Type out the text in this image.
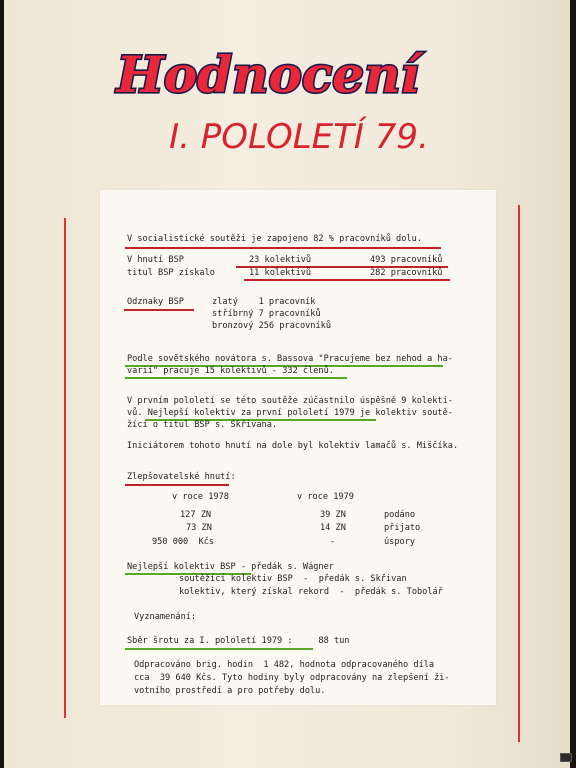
Hodnocení
I. POLOLETÍ 79.
V socialistické soutěži je zapojeno 82 % pracovníků dolu.
V hnutí BSP	23 kolektivů	493 pracovníků
titul BSP získalo	11 kolektivů	282 pracovníků
Odznaky BSP	zlatý    1 pracovník
stříbrný 7 pracovníků
bronzový 256 pracovníků
Podle sovětského novátora s. Bassova "Pracujeme bez nehod a ha-
varií" pracuje 15 kolektivů - 332 členů.
V prvním pololetí se této soutěže zúčastnilo úspěšně 9 kolekti-
vů. Nejlepší kolektiv za první pololetí 1979 je kolektiv soutě-
žící o titul BSP s. Skřivana.
Iniciátorem tohoto hnutí na dole byl kolektiv lamačů s. Miščíka.
Zlepšovatelské hnutí:
v roce 1978	v roce 1979
127 ZN	39 ZN	podáno
73 ZN	14 ZN	přijato
950 000  Kčs	-	úspory
Nejlepší kolektiv BSP - předák s. Wágner
soutěžící kolektiv BSP  -  předák s. Skřivan
kolektiv, který získal rekord  -  předák s. Tobolář
Vyznamenání:
Sběr šrotu za I. pololetí 1979 :     88 tun
Odpracováno brig. hodin  1 482, hodnota odpracovaného díla
cca  39 640 Kčs. Tyto hodiny byly odpracovány na zlepšení ži-
votního prostředí a pro potřeby dolu.
